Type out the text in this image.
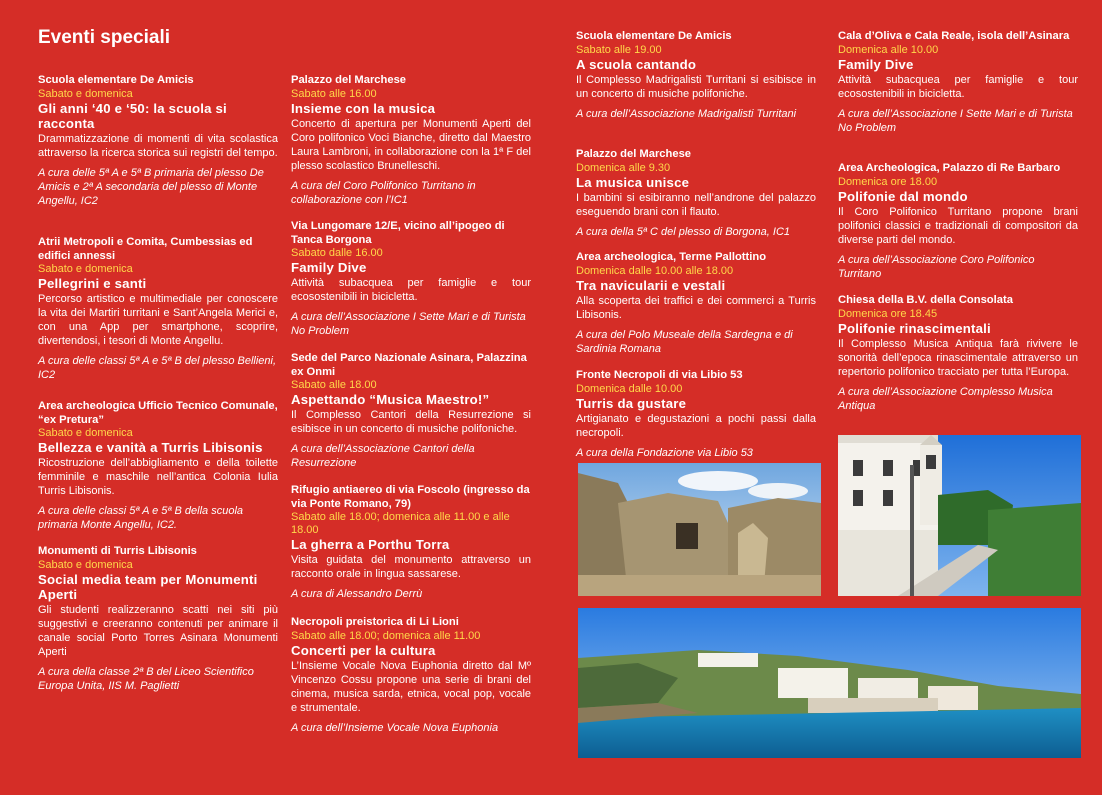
Eventi speciali
Scuola elementare De Amicis
Sabato e domenica
Gli anni ‘40 e ‘50: la scuola si racconta
Drammatizzazione di momenti di vita scolastica attraverso la ricerca storica sui registri del tempo.
A cura delle 5ª A e 5ª B primaria del plesso De Amicis e 2ª A secondaria del plesso di Monte Angellu, IC2
Atrii Metropoli e Comita, Cumbessias ed edifici annessi
Sabato e domenica
Pellegrini e santi
Percorso artistico e multimediale per conoscere la vita dei Martiri turritani e Sant’Angela Merici e, con una App per smartphone, scoprire, divertendosi, i tesori di Monte Angellu.
A cura delle classi 5ª A e 5ª B del plesso Bellieni, IC2
Area archeologica Ufficio Tecnico Comunale, “ex Pretura”
Sabato e domenica
Bellezza e vanità a Turris Libisonis
Ricostruzione dell’abbigliamento e della toilette femminile e maschile nell’antica Colonia Iulia Turris Libisonis.
A cura delle classi 5ª A e 5ª B della scuola primaria Monte Angellu, IC2.
Monumenti di Turris Libisonis
Sabato e domenica
Social media team per Monumenti Aperti
Gli studenti realizzeranno scatti nei siti più suggestivi e creeranno contenuti per animare il canale social Porto Torres Asinara Monumenti Aperti
A cura della classe 2ª B del Liceo Scientifico Europa Unita, IIS M. Paglietti
Palazzo del Marchese
Sabato alle 16.00
Insieme con la musica
Concerto di apertura per Monumenti Aperti del Coro polifonico Voci Bianche, diretto dal Maestro Laura Lambroni, in collaborazione con la 1ª F del plesso scolastico Brunelleschi.
A cura del Coro Polifonico Turritano in collaborazione con l’IC1
Via Lungomare 12/E, vicino all’ipogeo di Tanca Borgona
Sabato dalle 16.00
Family Dive
Attività subacquea per famiglie e tour ecosostenibili in bicicletta.
A cura dell’Associazione I Sette Mari e di Turista No Problem
Sede del Parco Nazionale Asinara, Palazzina ex Onmi
Sabato alle 18.00
Aspettando “Musica Maestro!”
Il Complesso Cantori della Resurrezione si esibisce in un concerto di musiche polifoniche.
A cura dell’Associazione Cantori della Resurrezione
Rifugio antiaereo di via Foscolo (ingresso da via Ponte Romano, 79)
Sabato alle 18.00; domenica alle 11.00 e alle 18.00
La gherra a Porthu Torra
Visita guidata del monumento attraverso un racconto orale in lingua sassarese.
A cura di Alessandro Derrù
Necropoli preistorica di Li Lioni
Sabato alle 18.00; domenica alle 11.00
Concerti per la cultura
L’Insieme Vocale Nova Euphonia diretto dal Mº Vincenzo Cossu propone una serie di brani del cinema, musica sarda, etnica, vocal pop, vocale e strumentale.
A cura dell’Insieme Vocale Nova Euphonia
Scuola elementare De Amicis
Sabato alle 19.00
A scuola cantando
Il Complesso Madrigalisti Turritani si esibisce in un concerto di musiche polifoniche.
A cura dell’Associazione Madrigalisti Turritani
Palazzo del Marchese
Domenica alle 9.30
La musica unisce
I bambini si esibiranno nell’androne del palazzo eseguendo brani con il flauto.
A cura della 5ª C del plesso di Borgona, IC1
Area archeologica, Terme Pallottino
Domenica dalle 10.00 alle 18.00
Tra navicularii e vestali
Alla scoperta dei traffici e dei commerci a Turris Libisonis.
A cura del Polo Museale della Sardegna e di Sardinia Romana
Fronte Necropoli di via Libio 53
Domenica dalle 10.00
Turris da gustare
Artigianato e degustazioni a pochi passi dalla necropoli.
A cura della Fondazione via Libio 53
Cala d’Oliva e Cala Reale, isola dell’Asinara
Domenica alle 10.00
Family Dive
Attività subacquea per famiglie e tour ecosostenibili in bicicletta.
A cura dell’Associazione I Sette Mari e di Turista No Problem
Area Archeologica, Palazzo di Re Barbaro
Domenica ore 18.00
Polifonie dal mondo
Il Coro Polifonico Turritano propone brani polifonici classici e tradizionali di compositori da diverse parti del mondo.
A cura dell’Associazione Coro Polifonico Turritano
Chiesa della B.V. della Consolata
Domenica ore 18.45
Polifonie rinascimentali
Il Complesso Musica Antiqua farà rivivere le sonorità dell’epoca rinascimentale attraverso un repertorio polifonico tracciato per tutta l’Europa.
A cura dell’Associazione Complesso Musica Antiqua
